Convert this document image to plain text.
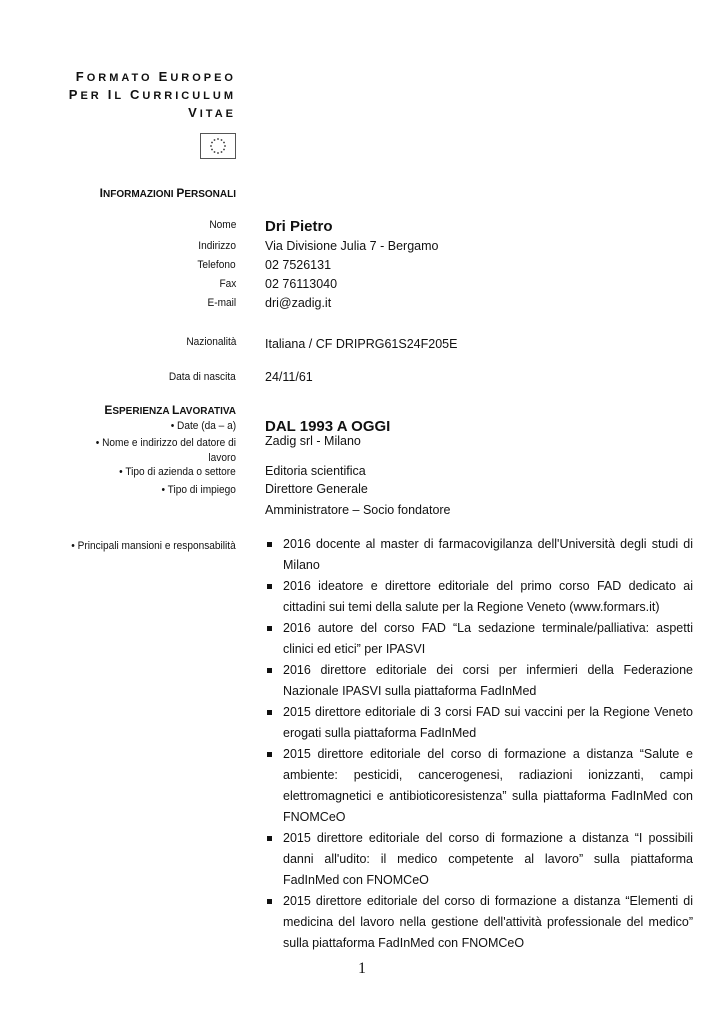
FORMATO EUROPEO
PER IL CURRICULUM
VITAE
INFORMAZIONI PERSONALI
Nome Dri Pietro
Indirizzo Via Divisione Julia 7 - Bergamo
Telefono 02 7526131
Fax 02 76113040
E-mail dri@zadig.it
Nazionalità Italiana / CF DRIPRG61S24F205E
Data di nascita 24/11/61
ESPERIENZA LAVORATIVA
• Date (da – a) DAL 1993 A OGGI
• Nome e indirizzo del datore di lavoro
Zadig srl - Milano
• Tipo di azienda o settore Editoria scientifica
• Tipo di impiego Direttore Generale
Amministratore – Socio fondatore
• Principali mansioni e responsabilità	2016 docente al master di farmacovigilanza dell'Università degli studi di Milano
2016 ideatore e direttore editoriale del primo corso FAD dedicato ai cittadini sui temi della salute per la Regione Veneto (www.formars.it)
2016 autore del corso FAD “La sedazione terminale/palliativa: aspetti clinici ed etici” per IPASVI
2016 direttore editoriale dei corsi per infermieri della Federazione Nazionale IPASVI sulla piattaforma FadInMed
2015 direttore editoriale di 3 corsi FAD sui vaccini per la Regione Veneto erogati sulla piattaforma FadInMed
2015 direttore editoriale del corso di formazione a distanza “Salute e ambiente: pesticidi, cancerogenesi, radiazioni ionizzanti, campi elettromagnetici e antibioticoresistenza” sulla piattaforma FadInMed con FNOMCeO
2015 direttore editoriale del corso di formazione a distanza “I possibili danni all'udito: il medico competente al lavoro” sulla piattaforma FadInMed con FNOMCeO
2015 direttore editoriale del corso di formazione a distanza “Elementi di medicina del lavoro nella gestione dell'attività professionale del medico” sulla piattaforma FadInMed con FNOMCeO
1
